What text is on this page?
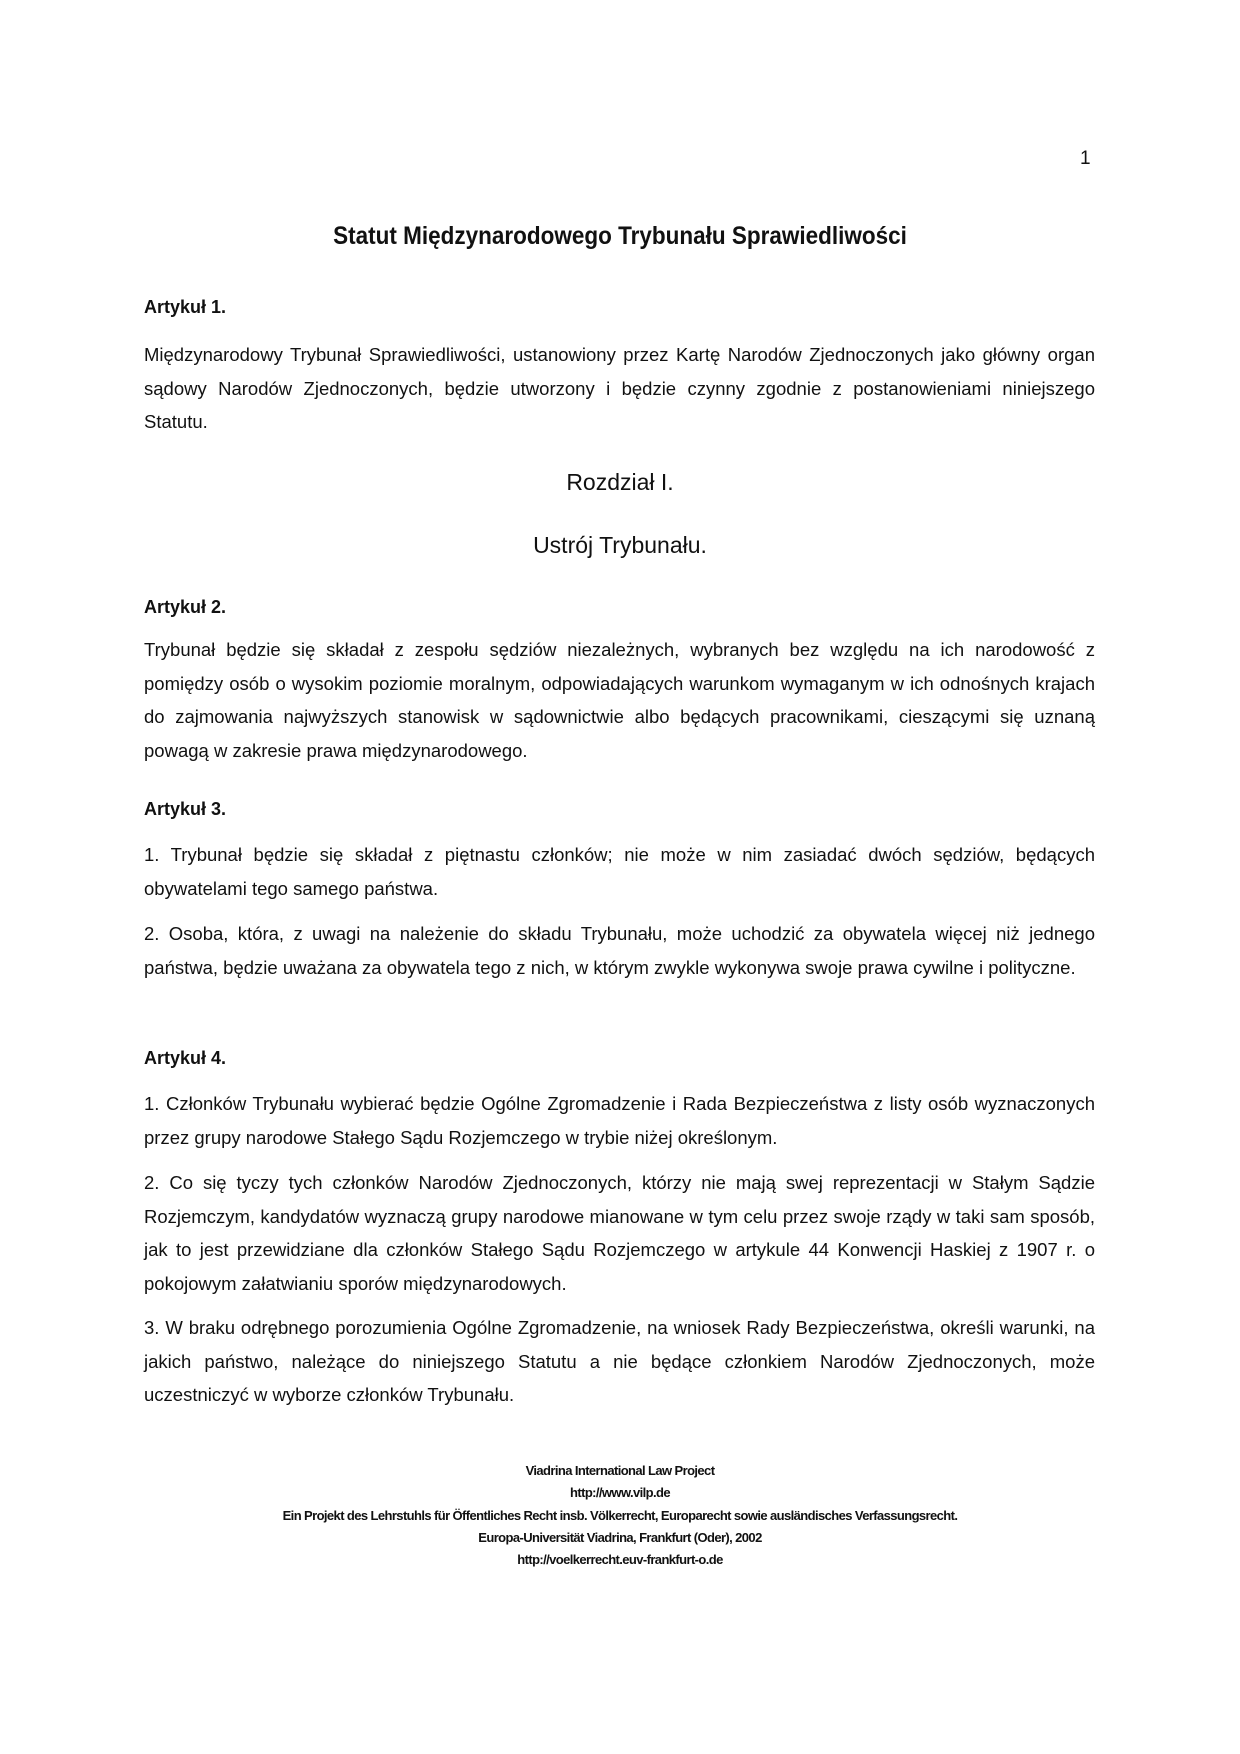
1
Statut Międzynarodowego Trybunału Sprawiedliwości
Artykuł 1.
Międzynarodowy Trybunał Sprawiedliwości, ustanowiony przez Kartę Narodów Zjednoczonych jako główny organ sądowy Narodów Zjednoczonych, będzie utworzony i będzie czynny zgodnie z postanowieniami niniejszego Statutu.
Rozdział I.
Ustrój Trybunału.
Artykuł 2.
Trybunał będzie się składał z zespołu sędziów niezależnych, wybranych bez względu na ich narodowość z pomiędzy osób o wysokim poziomie moralnym, odpowiadających warunkom wymaganym w ich odnośnych krajach do zajmowania najwyższych stanowisk w sądownictwie albo będących pracownikami, cieszącymi się uznaną powagą w zakresie prawa międzynarodowego.
Artykuł 3.
1. Trybunał będzie się składał z piętnastu członków; nie może w nim zasiadać dwóch sędziów, będących obywatelami tego samego państwa.
2. Osoba, która, z uwagi na należenie do składu Trybunału, może uchodzić za obywatela więcej niż jednego państwa, będzie uważana za obywatela tego z nich, w którym zwykle wykonywa swoje prawa cywilne i polityczne.
Artykuł 4.
1. Członków Trybunału wybierać będzie Ogólne Zgromadzenie i Rada Bezpieczeństwa z listy osób wyznaczonych przez grupy narodowe Stałego Sądu Rozjemczego w trybie niżej określonym.
2. Co się tyczy tych członków Narodów Zjednoczonych, którzy nie mają swej reprezentacji w Stałym Sądzie Rozjemczym, kandydatów wyznaczą grupy narodowe mianowane w tym celu przez swoje rządy w taki sam sposób, jak to jest przewidziane dla członków Stałego Sądu Rozjemczego w artykule 44 Konwencji Haskiej z 1907 r. o pokojowym załatwianiu sporów międzynarodowych.
3. W braku odrębnego porozumienia Ogólne Zgromadzenie, na wniosek Rady Bezpieczeństwa, określi warunki, na jakich państwo, należące do niniejszego Statutu a nie będące członkiem Narodów Zjednoczonych, może uczestniczyć w wyborze członków Trybunału.
Viadrina International Law Project
http://www.vilp.de
Ein Projekt des Lehrstuhls für Öffentliches Recht insb. Völkerrecht, Europarecht sowie ausländisches Verfassungsrecht.
Europa-Universität Viadrina, Frankfurt (Oder), 2002
http://voelkerrecht.euv-frankfurt-o.de
